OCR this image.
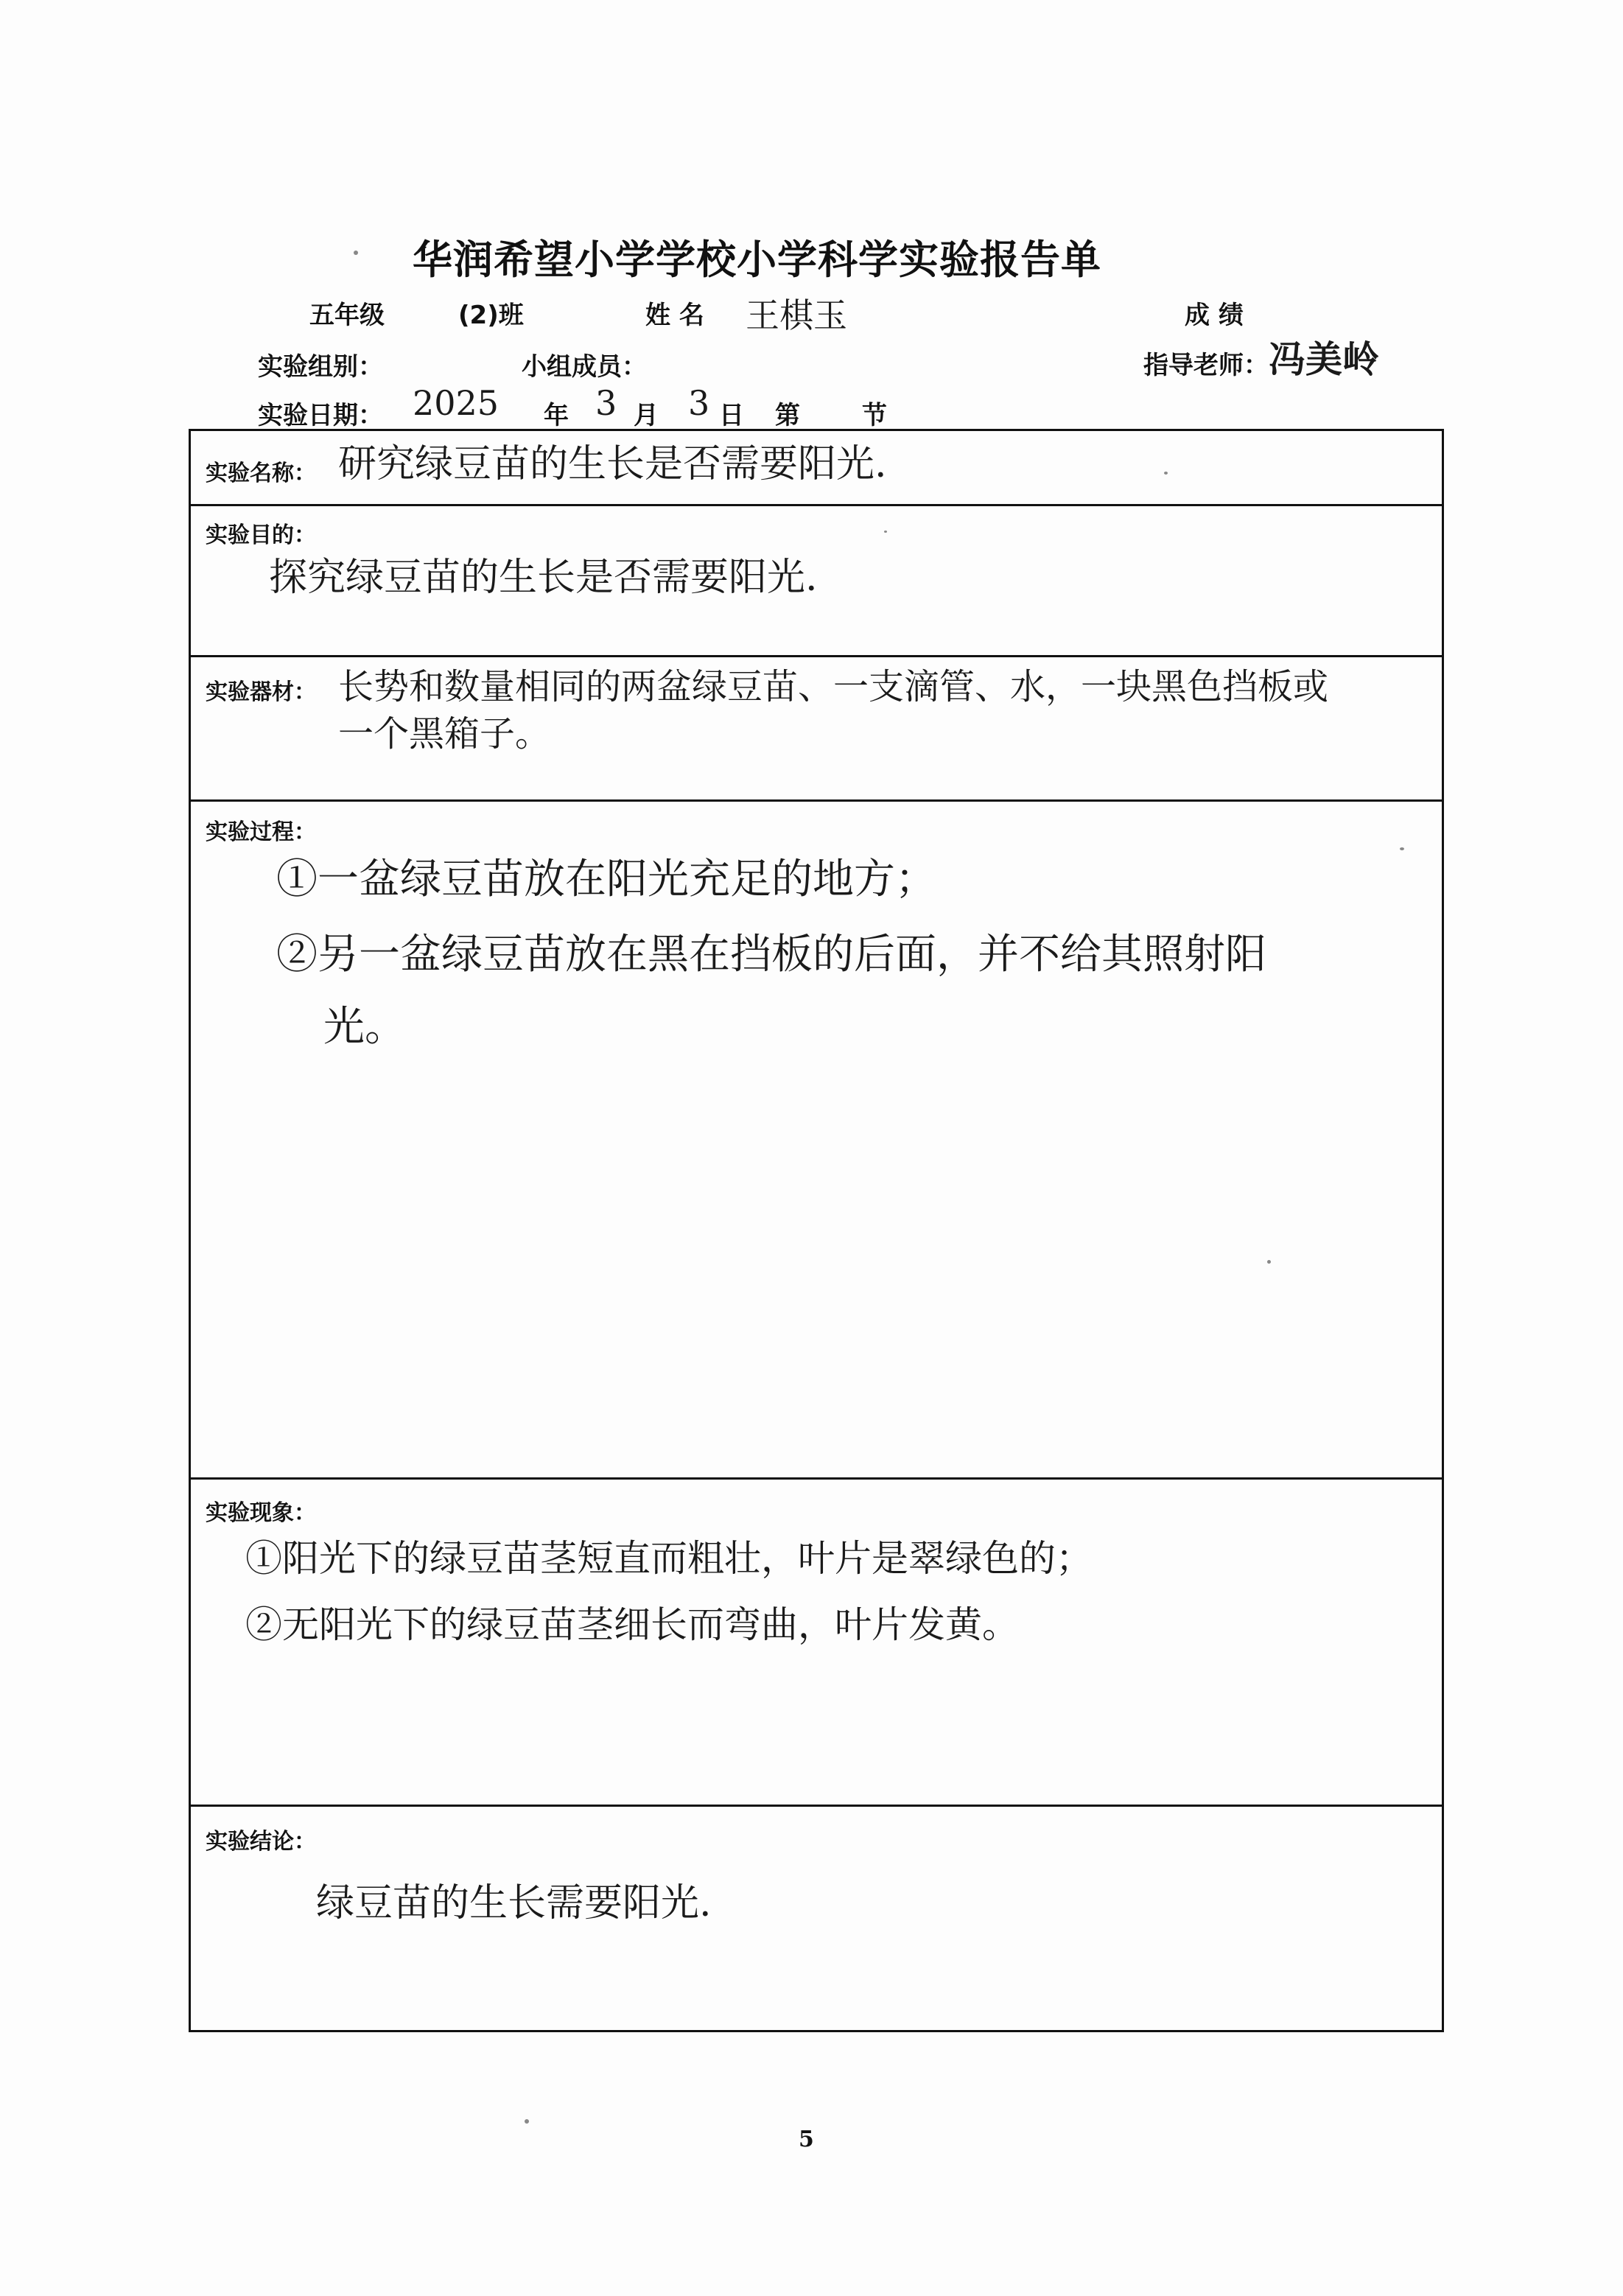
华润希望小学学校小学科学实验报告单
五年级	(2)班	姓 名 王棋玉	成 绩
实验组别：	小组成员：	指导老师： 冯美岭
实验日期： 2025 年 3 月 3 日 第 节
实验名称： 研究绿豆苗的生长是否需要阳光.
实验目的：
探究绿豆苗的生长是否需要阳光.
实验器材： 长势和数量相同的两盆绿豆苗、一支滴管、水，一块黑色挡板或
一个黑箱子。
实验过程：
①一盆绿豆苗放在阳光充足的地方；
②另一盆绿豆苗放在黑在挡板的后面，并不给其照射阳
光。
实验现象：
①阳光下的绿豆苗茎短直而粗壮，叶片是翠绿色的；
②无阳光下的绿豆苗茎细长而弯曲，叶片发黄。
实验结论：
绿豆苗的生长需要阳光.
5
